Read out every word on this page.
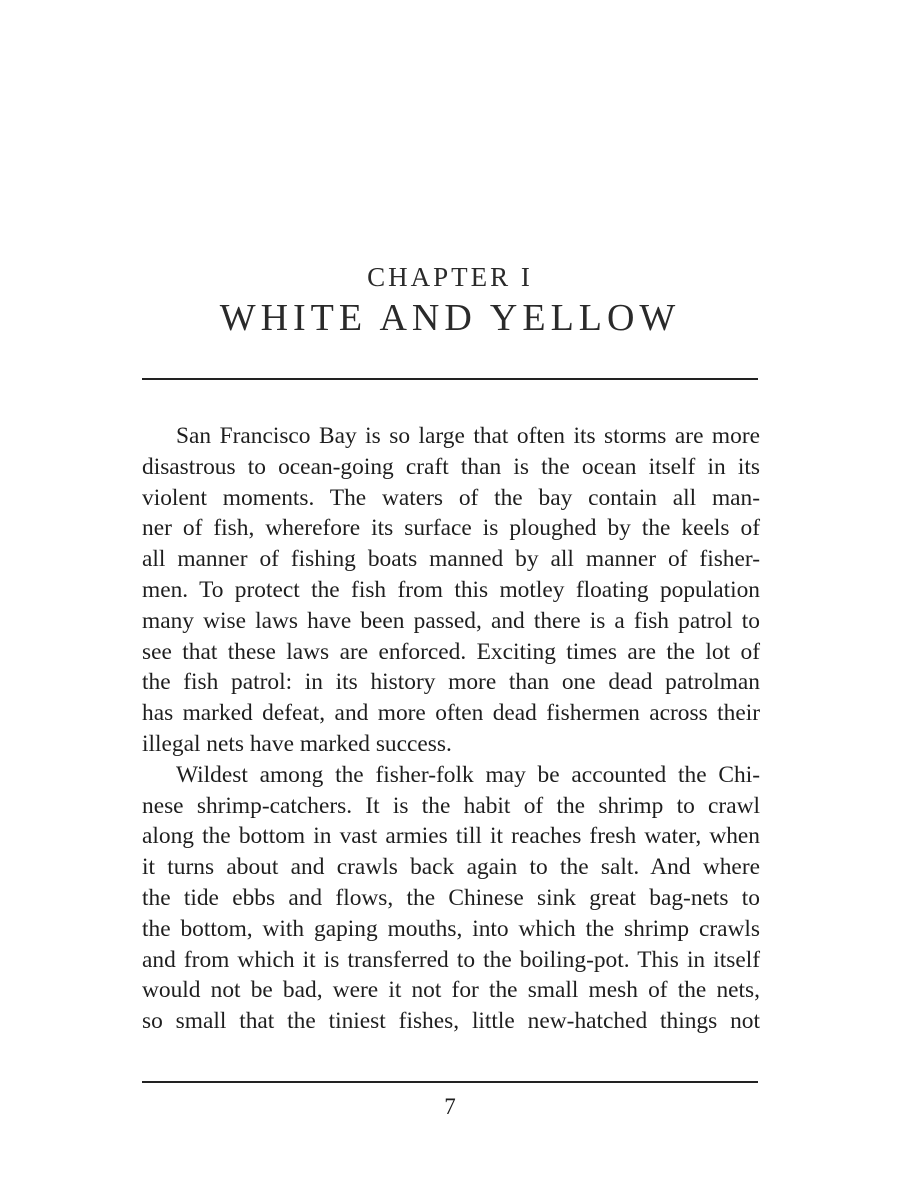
CHAPTER I
WHITE AND YELLOW
San Francisco Bay is so large that often its storms are more
disastrous to ocean-going craft than is the ocean itself in its
violent moments. The waters of the bay contain all man-
ner of fish, wherefore its surface is ploughed by the keels of
all manner of fishing boats manned by all manner of fisher-
men. To protect the fish from this motley floating population
many wise laws have been passed, and there is a fish patrol to
see that these laws are enforced. Exciting times are the lot of
the fish patrol: in its history more than one dead patrolman
has marked defeat, and more often dead fishermen across their
illegal nets have marked success.
Wildest among the fisher-folk may be accounted the Chi-
nese shrimp-catchers. It is the habit of the shrimp to crawl
along the bottom in vast armies till it reaches fresh water, when
it turns about and crawls back again to the salt. And where
the tide ebbs and flows, the Chinese sink great bag-nets to
the bottom, with gaping mouths, into which the shrimp crawls
and from which it is transferred to the boiling-pot. This in itself
would not be bad, were it not for the small mesh of the nets,
so small that the tiniest fishes, little new-hatched things not
7
